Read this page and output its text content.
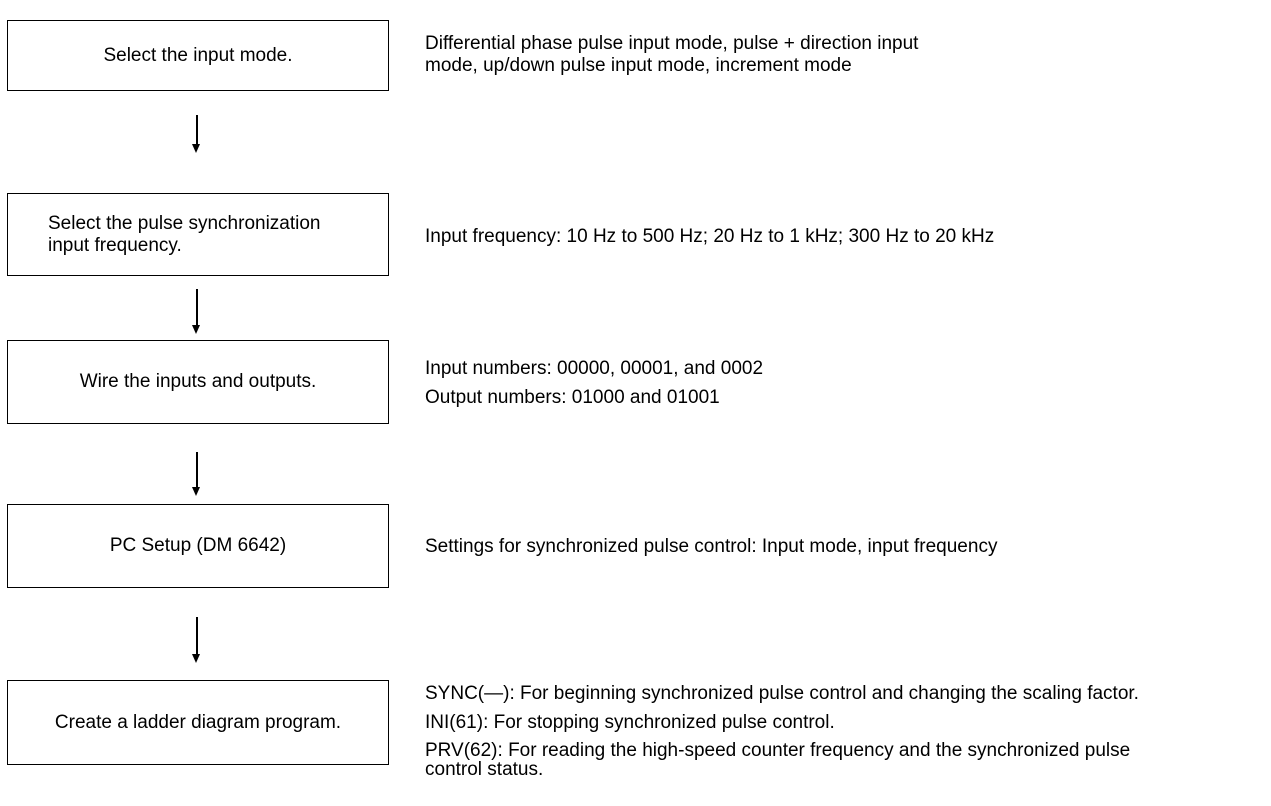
Select the input mode.
Differential phase pulse input mode, pulse + direction input
mode, up/down pulse input mode, increment mode
Select the pulse synchronization
input frequency.	Input frequency: 10 Hz to 500 Hz; 20 Hz to 1 kHz; 300 Hz to 20 kHz
Wire the inputs and outputs.
Input numbers: 00000, 00001, and 0002
Output numbers: 01000 and 01001
PC Setup (DM 6642)	Settings for synchronized pulse control: Input mode, input frequency
Create a ladder diagram program.
SYNC(—): For beginning synchronized pulse control and changing the scaling factor.
INI(61): For stopping synchronized pulse control.
PRV(62): For reading the high-speed counter frequency and the synchronized pulse
control status.
